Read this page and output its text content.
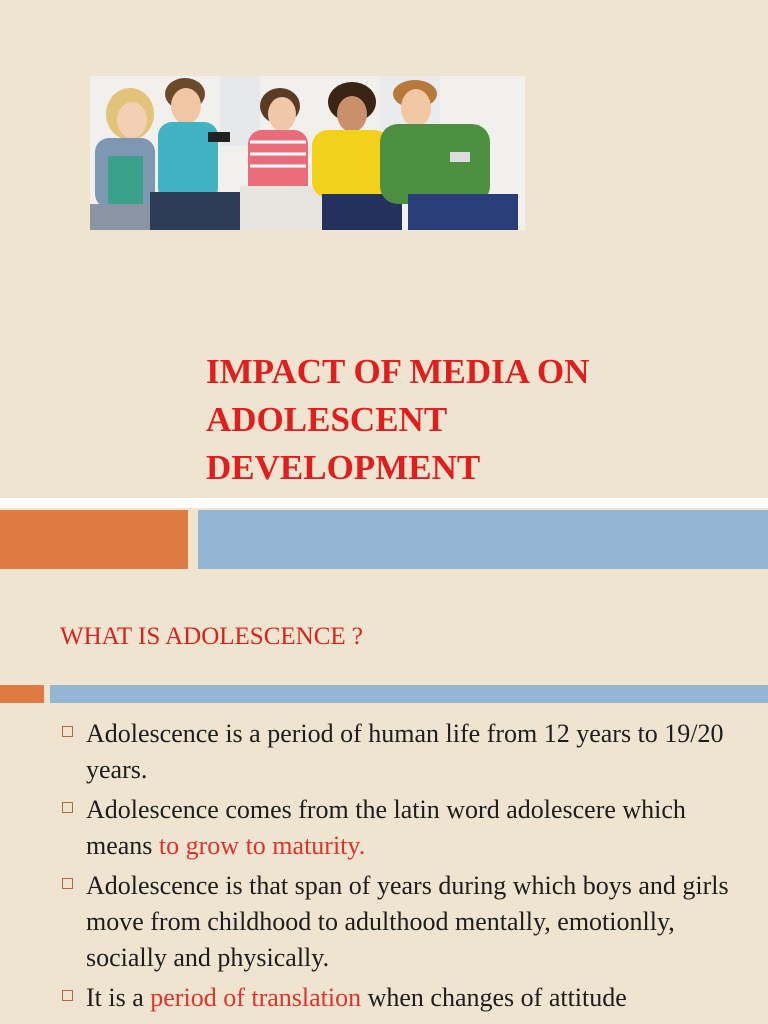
IMPACT OF MEDIA ON
ADOLESCENT
DEVELOPMENT
WHAT IS ADOLESCENCE ?
Adolescence is a period of human life from 12 years to 19/20 years.
Adolescence comes from the latin word adolescere which means to grow to maturity.
Adolescence is that span of years during which boys and girls move from childhood to adulthood mentally, emotionlly, socially and physically.
It is a period of translation when changes of attitude
